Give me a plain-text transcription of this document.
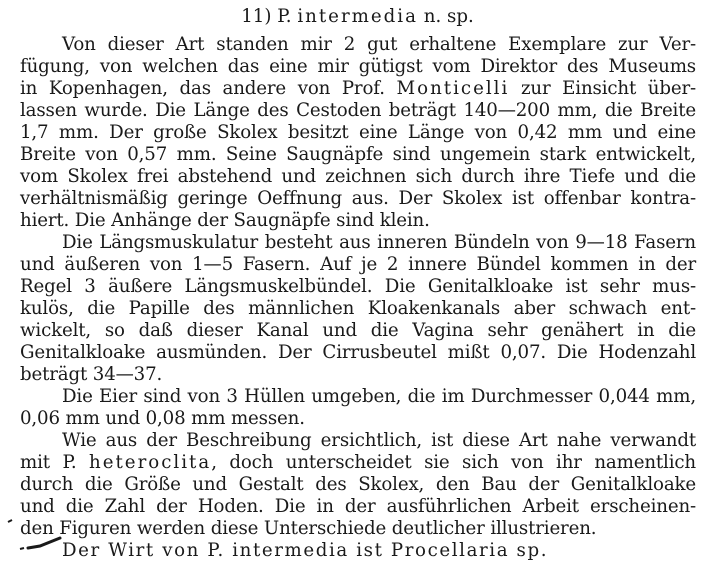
11) P. intermedia n. sp.
Von dieser Art standen mir 2 gut erhaltene Exemplare zur Ver-
fügung, von welchen das eine mir gütigst vom Direktor des Museums
in Kopenhagen, das andere von Prof. Monticelli zur Einsicht über-
lassen wurde. Die Länge des Cestoden beträgt 140—200 mm, die Breite
1,7 mm. Der große Skolex besitzt eine Länge von 0,42 mm und eine
Breite von 0,57 mm. Seine Saugnäpfe sind ungemein stark entwickelt,
vom Skolex frei abstehend und zeichnen sich durch ihre Tiefe und die
verhältnismäßig geringe Oeffnung aus. Der Skolex ist offenbar kontra-
hiert. Die Anhänge der Saugnäpfe sind klein.
Die Längsmuskulatur besteht aus inneren Bündeln von 9—18 Fasern
und äußeren von 1—5 Fasern. Auf je 2 innere Bündel kommen in der
Regel 3 äußere Längsmuskelbündel. Die Genitalkloake ist sehr mus-
kulös, die Papille des männlichen Kloakenkanals aber schwach ent-
wickelt, so daß dieser Kanal und die Vagina sehr genähert in die
Genitalkloake ausmünden. Der Cirrusbeutel mißt 0,07. Die Hodenzahl
beträgt 34—37.
Die Eier sind von 3 Hüllen umgeben, die im Durchmesser 0,044 mm,
0,06 mm und 0,08 mm messen.
Wie aus der Beschreibung ersichtlich, ist diese Art nahe verwandt
mit P. heteroclita, doch unterscheidet sie sich von ihr namentlich
durch die Größe und Gestalt des Skolex, den Bau der Genitalkloake
und die Zahl der Hoden. Die in der ausführlichen Arbeit erscheinen-
den Figuren werden diese Unterschiede deutlicher illustrieren.
Der Wirt von P. intermedia ist Procellaria sp.
